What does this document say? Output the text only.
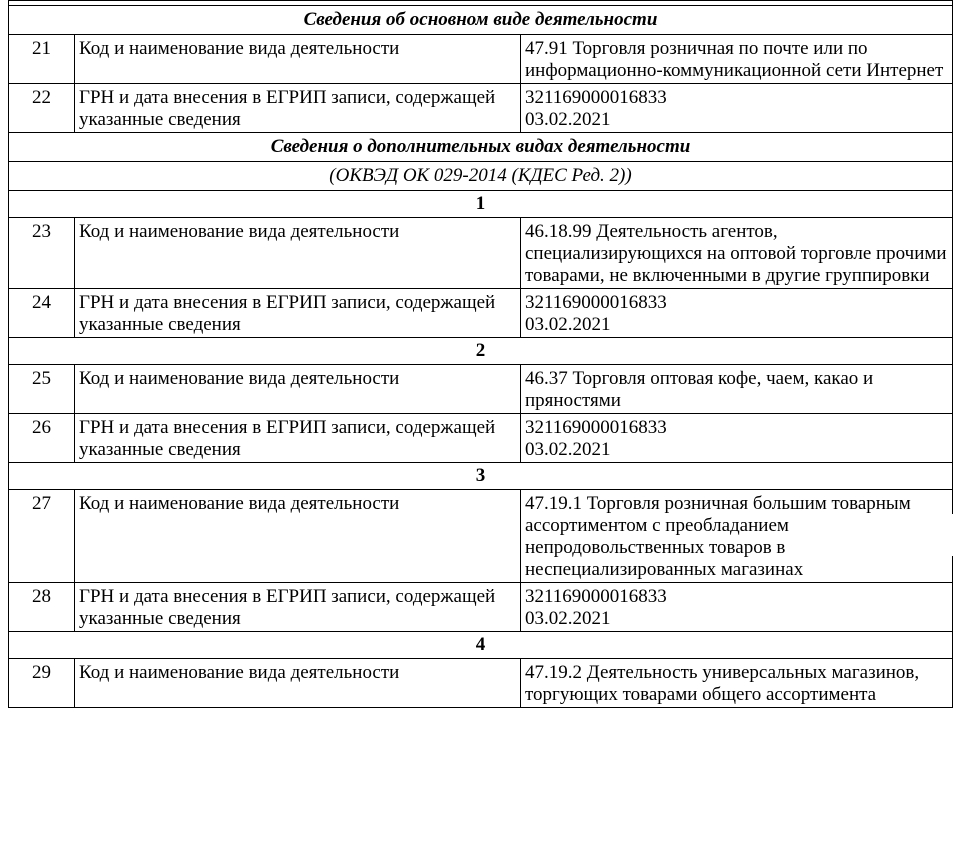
Сведения об основном виде деятельности		
21	Код и наименование вида деятельности	47.91 Торговля розничная по почте или по информационно-коммуникационной сети Интернет
22	ГРН и дата внесения в ЕГРИП записи, содержащей указанные сведения	321169000016833
03.02.2021

Сведения о дополнительных видах деятельности		
(ОКВЭД ОК 029-2014 (КДЕС Ред. 2))		
1		
23	Код и наименование вида деятельности	46.18.99 Деятельность агентов, специализирующихся на оптовой торговле прочими товарами, не включенными в другие группировки
24	ГРН и дата внесения в ЕГРИП записи, содержащей указанные сведения	321169000016833
03.02.2021

2		
25	Код и наименование вида деятельности	46.37 Торговля оптовая кофе, чаем, какао и пряностями
26	ГРН и дата внесения в ЕГРИП записи, содержащей указанные сведения	321169000016833
03.02.2021

3		
27	Код и наименование вида деятельности	47.19.1 Торговля розничная большим товарным ассортиментом с преобладанием непродовольственных товаров в неспециализированных магазинах
28	ГРН и дата внесения в ЕГРИП записи, содержащей указанные сведения	321169000016833
03.02.2021

4		
29	Код и наименование вида деятельности	47.19.2 Деятельность универсальных магазинов, торгующих товарами общего ассортимента
